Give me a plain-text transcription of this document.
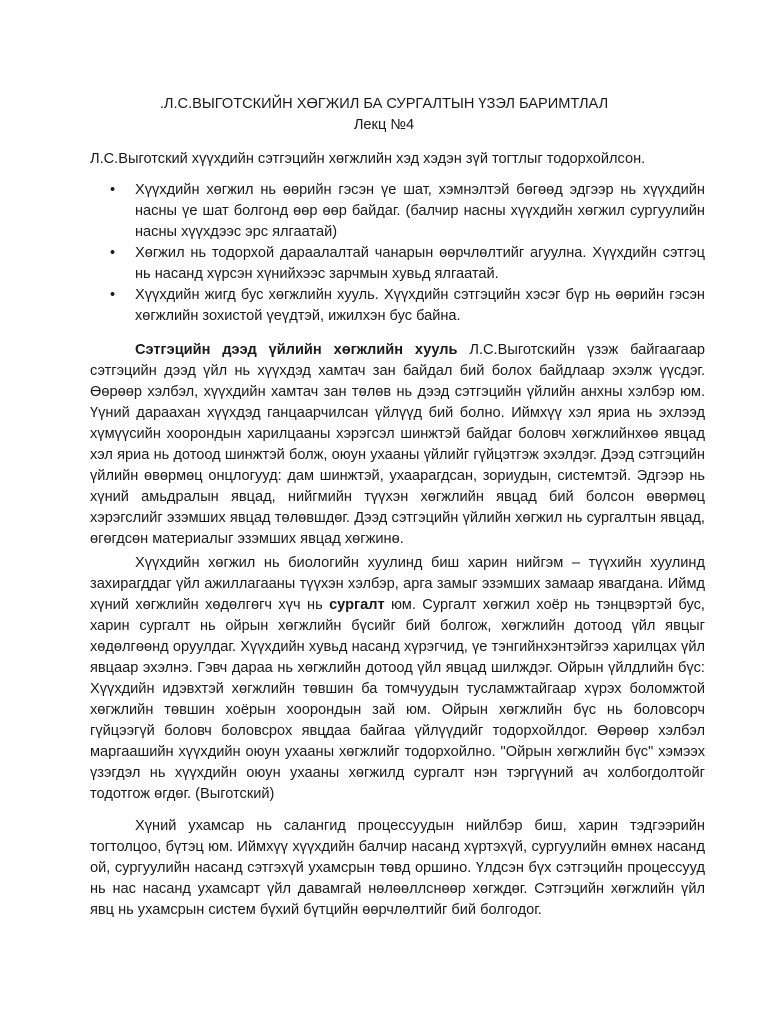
.Л.С.ВЫГОТСКИЙН ХӨГЖИЛ БА СУРГАЛТЫН ҮЗЭЛ БАРИМТЛАЛ
Лекц №4
Л.С.Выготский хүүхдийн сэтгэцийн хөгжлийн хэд хэдэн зүй тогтлыг тодорхойлсон.
• Хүүхдийн хөгжил нь өөрийн гэсэн үе шат, хэмнэлтэй бөгөөд эдгээр нь хүүхдийн насны үе шат болгонд өөр өөр байдаг. (балчир насны хүүхдийн хөгжил сургуулийн насны хүүхдээс эрс ялгаатай)
• Хөгжил нь тодорхой дараалалтай чанарын өөрчлөлтийг агуулна. Хүүхдийн сэтгэц нь насанд хүрсэн хүнийхээс зарчмын хувьд ялгаатай.
• Хүүхдийн жигд бус хөгжлийн хууль. Хүүхдийн сэтгэцийн хэсэг бүр нь өөрийн гэсэн хөгжлийн зохистой үеүдтэй, ижилхэн бус байна.

Сэтгэцийн дээд үйлийн хөгжлийн хууль Л.С.Выготскийн үзэж байгаагаар сэтгэцийн дээд үйл нь хүүхдэд хамтач зан байдал бий болох байдлаар эхэлж үүсдэг. Өөрөөр хэлбэл, хүүхдийн хамтач зан төлөв нь дээд сэтгэцийн үйлийн анхны хэлбэр юм. Үүний дараахан хүүхдэд ганцаарчилсан үйлүүд бий болно. Иймхүү хэл яриа нь эхлээд хүмүүсийн хоорондын харилцааны хэрэгсэл шинжтэй байдаг боловч хөгжлийнхөө явцад хэл яриа нь дотоод шинжтэй болж, оюун ухааны үйлийг гүйцэтгэж эхэлдэг. Дээд сэтгэцийн үйлийн өвөрмөц онцлогууд: дам шинжтэй, ухаарагдсан, зориудын, системтэй. Эдгээр нь хүний амьдралын явцад, нийгмийн түүхэн хөгжлийн явцад бий болсон өвөрмөц хэрэгслийг эзэмших явцад төлөвшдөг. Дээд сэтгэцийн үйлийн хөгжил нь сургалтын явцад, өгөгдсөн материалыг эзэмших явцад хөгжинө.

Хүүхдийн хөгжил нь биологийн хуулинд биш харин нийгэм – түүхийн хуулинд захирагддаг үйл ажиллагааны түүхэн хэлбэр, арга замыг эзэмших замаар явагдана. Иймд хүний хөгжлийн хөдөлгөгч хүч нь сургалт юм. Сургалт хөгжил хоёр нь тэнцвэртэй бус, харин сургалт нь ойрын хөгжлийн бүсийг бий болгож, хөгжлийн дотоод үйл явцыг хөдөлгөөнд оруулдаг. Хүүхдийн хувьд насанд хүрэгчид, үе тэнгийнхэнтэйгээ харилцах үйл явцаар эхэлнэ. Гэвч дараа нь хөгжлийн дотоод үйл явцад шилждэг. Ойрын үйлдлийн бүс: Хүүхдийн идэвхтэй хөгжлийн төвшин ба томчуудын тусламжтайгаар хүрэх боломжтой хөгжлийн төвшин хоёрын хоорондын зай юм. Ойрын хөгжлийн бүс нь боловсорч гүйцээгүй боловч боловсрох явцдаа байгаа үйлүүдийг тодорхойлдог. Өөрөөр хэлбэл маргаашийн хүүхдийн оюун ухааны хөгжлийг тодорхойлно. "Ойрын хөгжлийн бүс" хэмээх үзэгдэл нь хүүхдийн оюун ухааны хөгжилд сургалт нэн тэргүүний ач холбогдолтойг тодотгож өгдөг. (Выготский)

Хүний ухамсар нь салангид процессуудын нийлбэр биш, харин тэдгээрийн тогтолцоо, бүтэц юм. Иймхүү хүүхдийн балчир насанд хүртэхүй, сургуулийн өмнөх насанд ой, сургуулийн насанд сэтгэхүй ухамсрын төвд оршино. Үлдсэн бүх сэтгэцийн процессууд нь нас насанд ухамсарт үйл давамгай нөлөөллснөөр хөгждөг. Сэтгэцийн хөгжлийн үйл явц нь ухамсрын систем бүхий бүтцийн өөрчлөлтийг бий болгодог.
